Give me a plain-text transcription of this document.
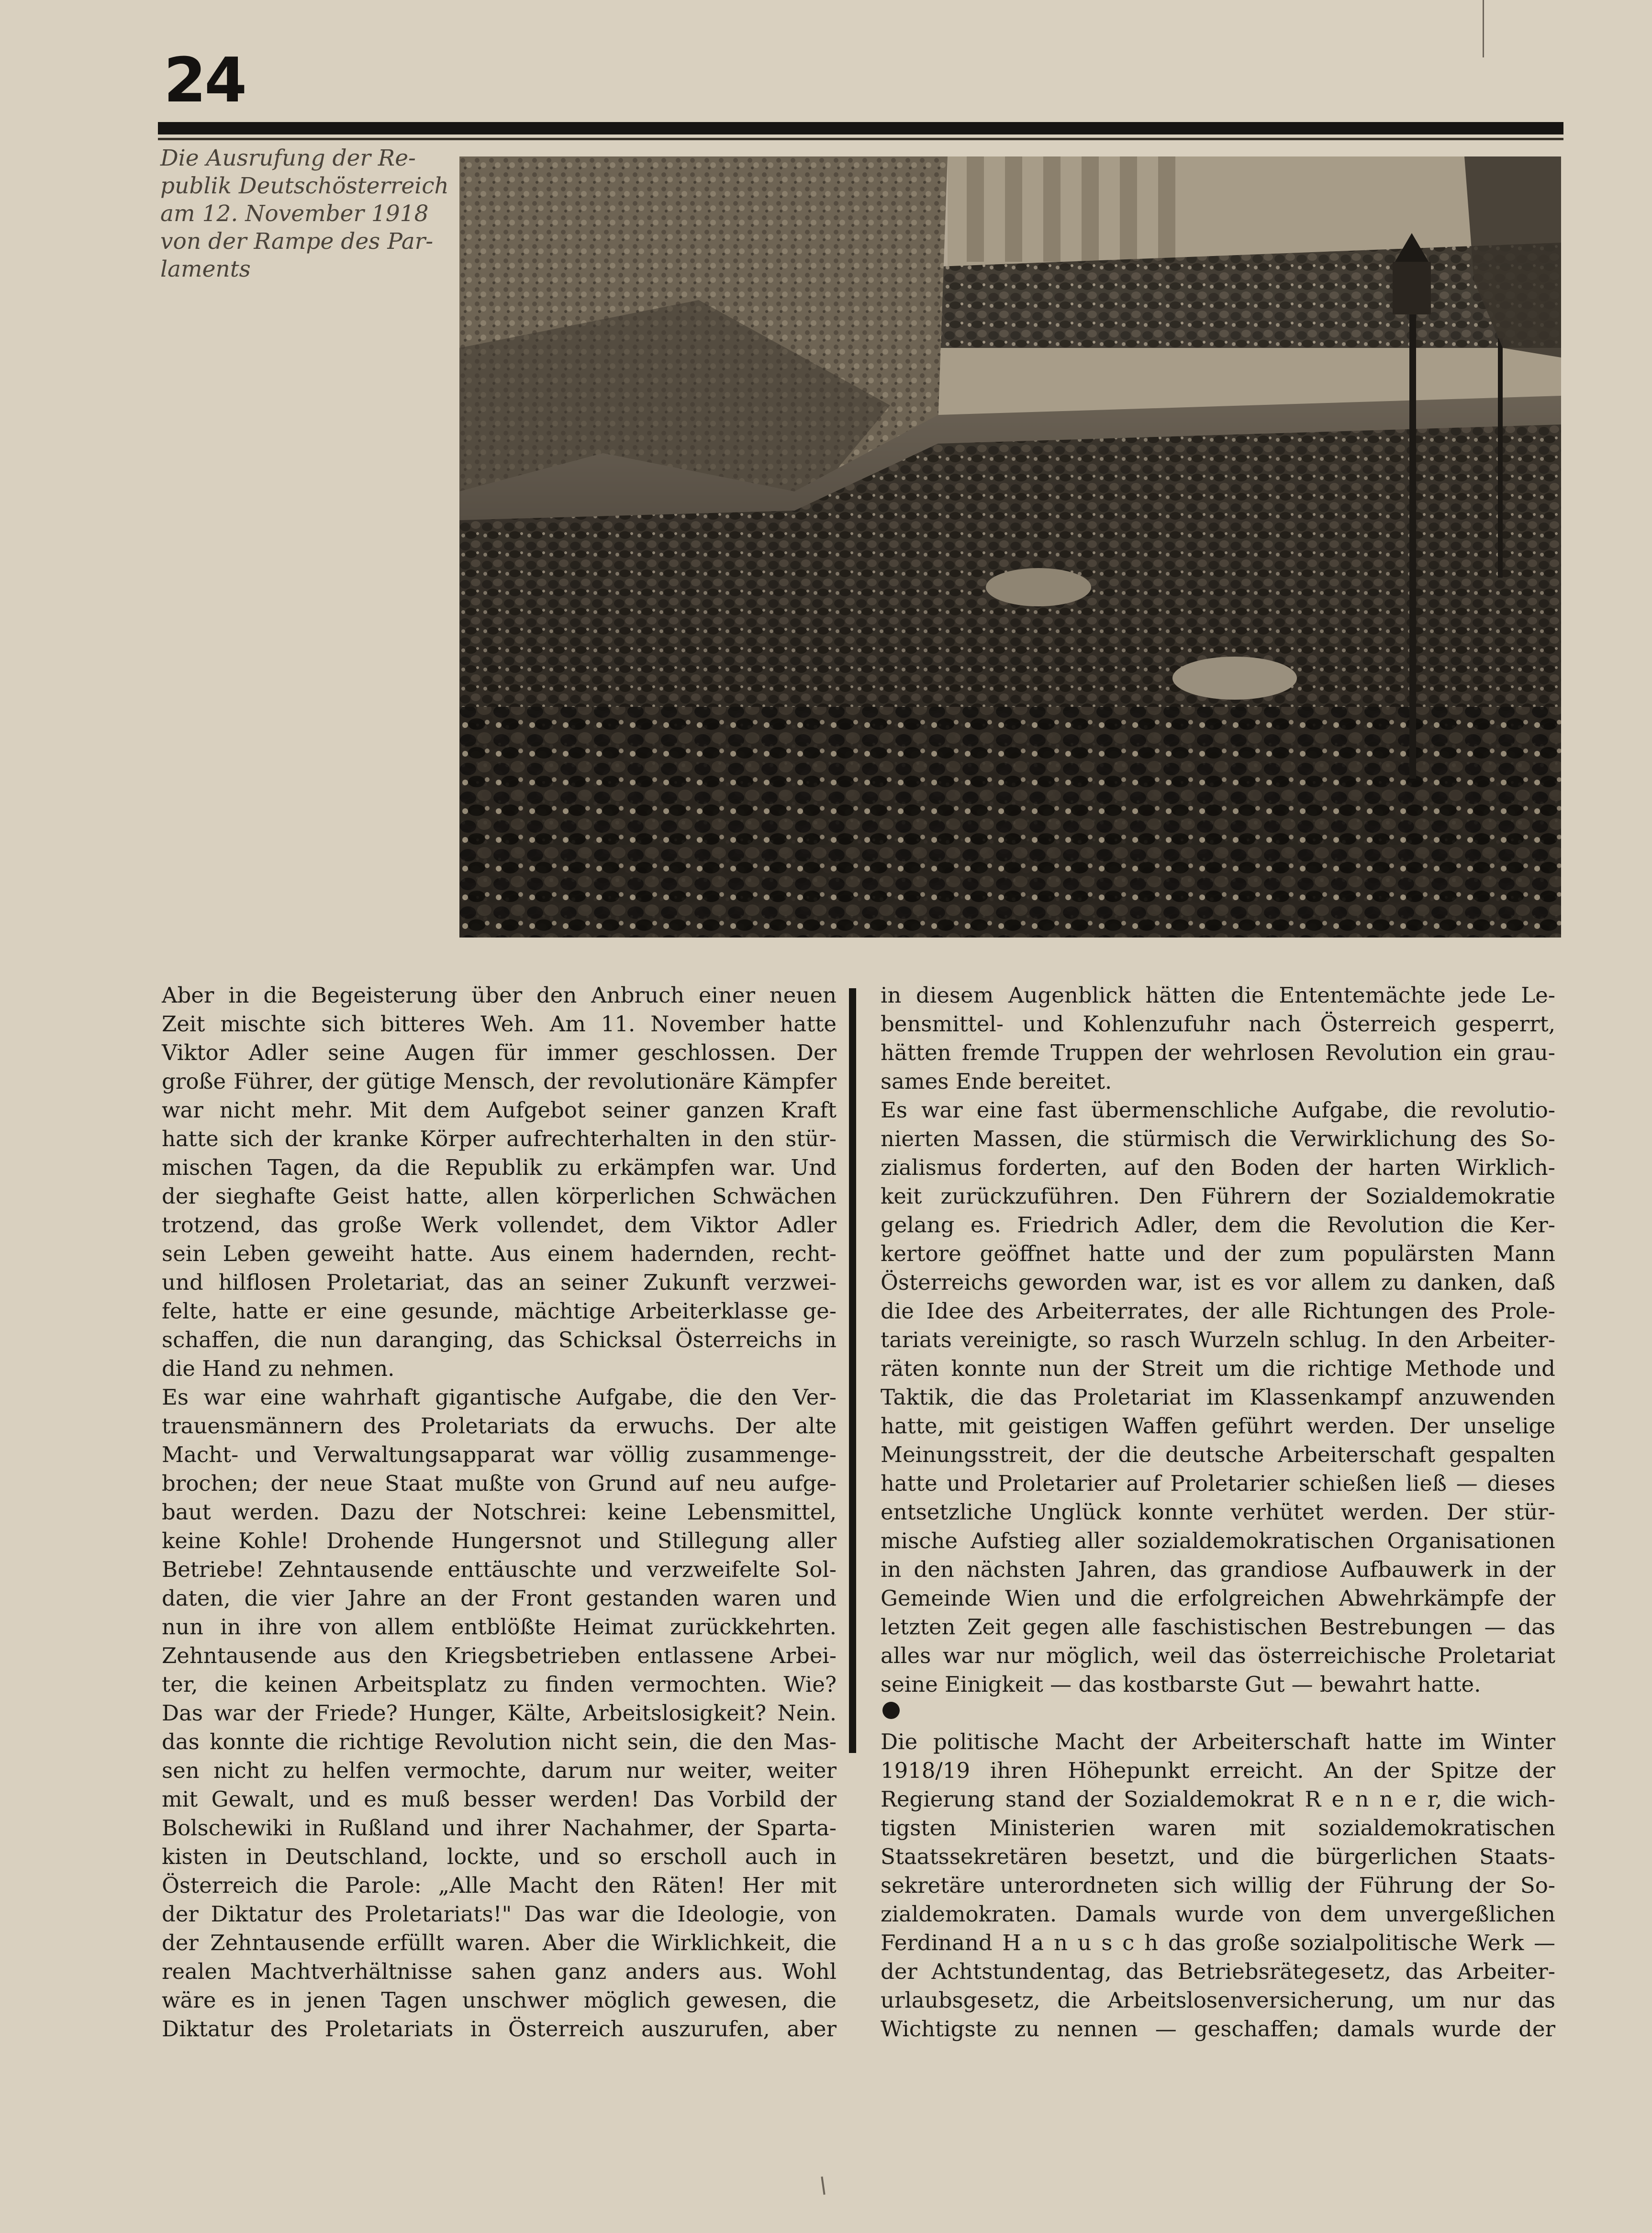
24
Die Ausrufung der Re-
publik Deutschösterreich
am 12. November 1918
von der Rampe des Par-
laments
Aber in die Begeisterung über den Anbruch einer neuen
Zeit mischte sich bitteres Weh. Am 11. November hatte
Viktor Adler seine Augen für immer geschlossen. Der
große Führer, der gütige Mensch, der revolutionäre Kämpfer
war nicht mehr. Mit dem Aufgebot seiner ganzen Kraft
hatte sich der kranke Körper aufrechterhalten in den stür-
mischen Tagen, da die Republik zu erkämpfen war. Und
der sieghafte Geist hatte, allen körperlichen Schwächen
trotzend, das große Werk vollendet, dem Viktor Adler
sein Leben geweiht hatte. Aus einem hadernden, recht-
und hilflosen Proletariat, das an seiner Zukunft verzwei-
felte, hatte er eine gesunde, mächtige Arbeiterklasse ge-
schaffen, die nun daranging, das Schicksal Österreichs in
die Hand zu nehmen.
Es war eine wahrhaft gigantische Aufgabe, die den Ver-
trauensmännern des Proletariats da erwuchs. Der alte
Macht- und Verwaltungsapparat war völlig zusammenge-
brochen; der neue Staat mußte von Grund auf neu aufge-
baut werden. Dazu der Notschrei: keine Lebensmittel,
keine Kohle! Drohende Hungersnot und Stillegung aller
Betriebe! Zehntausende enttäuschte und verzweifelte Sol-
daten, die vier Jahre an der Front gestanden waren und
nun in ihre von allem entblößte Heimat zurückkehrten.
Zehntausende aus den Kriegsbetrieben entlassene Arbei-
ter, die keinen Arbeitsplatz zu finden vermochten. Wie?
Das war der Friede? Hunger, Kälte, Arbeitslosigkeit? Nein.
das konnte die richtige Revolution nicht sein, die den Mas-
sen nicht zu helfen vermochte, darum nur weiter, weiter
mit Gewalt, und es muß besser werden! Das Vorbild der
Bolschewiki in Rußland und ihrer Nachahmer, der Sparta-
kisten in Deutschland, lockte, und so erscholl auch in
Österreich die Parole: „Alle Macht den Räten! Her mit
der Diktatur des Proletariats!" Das war die Ideologie, von
der Zehntausende erfüllt waren. Aber die Wirklichkeit, die
realen Machtverhältnisse sahen ganz anders aus. Wohl
wäre es in jenen Tagen unschwer möglich gewesen, die
Diktatur des Proletariats in Österreich auszurufen, aber
in diesem Augenblick hätten die Ententemächte jede Le-
bensmittel- und Kohlenzufuhr nach Österreich gesperrt,
hätten fremde Truppen der wehrlosen Revolution ein grau-
sames Ende bereitet.
Es war eine fast übermenschliche Aufgabe, die revolutio-
nierten Massen, die stürmisch die Verwirklichung des So-
zialismus forderten, auf den Boden der harten Wirklich-
keit zurückzuführen. Den Führern der Sozialdemokratie
gelang es. Friedrich Adler, dem die Revolution die Ker-
kertore geöffnet hatte und der zum populärsten Mann
Österreichs geworden war, ist es vor allem zu danken, daß
die Idee des Arbeiterrates, der alle Richtungen des Prole-
tariats vereinigte, so rasch Wurzeln schlug. In den Arbeiter-
räten konnte nun der Streit um die richtige Methode und
Taktik, die das Proletariat im Klassenkampf anzuwenden
hatte, mit geistigen Waffen geführt werden. Der unselige
Meinungsstreit, der die deutsche Arbeiterschaft gespalten
hatte und Proletarier auf Proletarier schießen ließ — dieses
entsetzliche Unglück konnte verhütet werden. Der stür-
mische Aufstieg aller sozialdemokratischen Organisationen
in den nächsten Jahren, das grandiose Aufbauwerk in der
Gemeinde Wien und die erfolgreichen Abwehrkämpfe der
letzten Zeit gegen alle faschistischen Bestrebungen — das
alles war nur möglich, weil das österreichische Proletariat
seine Einigkeit — das kostbarste Gut — bewahrt hatte.
Die politische Macht der Arbeiterschaft hatte im Winter
1918/19 ihren Höhepunkt erreicht. An der Spitze der
Regierung stand der Sozialdemokrat R e n n e r, die wich-
tigsten Ministerien waren mit sozialdemokratischen
Staatssekretären besetzt, und die bürgerlichen Staats-
sekretäre unterordneten sich willig der Führung der So-
zialdemokraten. Damals wurde von dem unvergeßlichen
Ferdinand H a n u s c h das große sozialpolitische Werk —
der Achtstundentag, das Betriebsrätegesetz, das Arbeiter-
urlaubsgesetz, die Arbeitslosenversicherung, um nur das
Wichtigste zu nennen — geschaffen; damals wurde der
